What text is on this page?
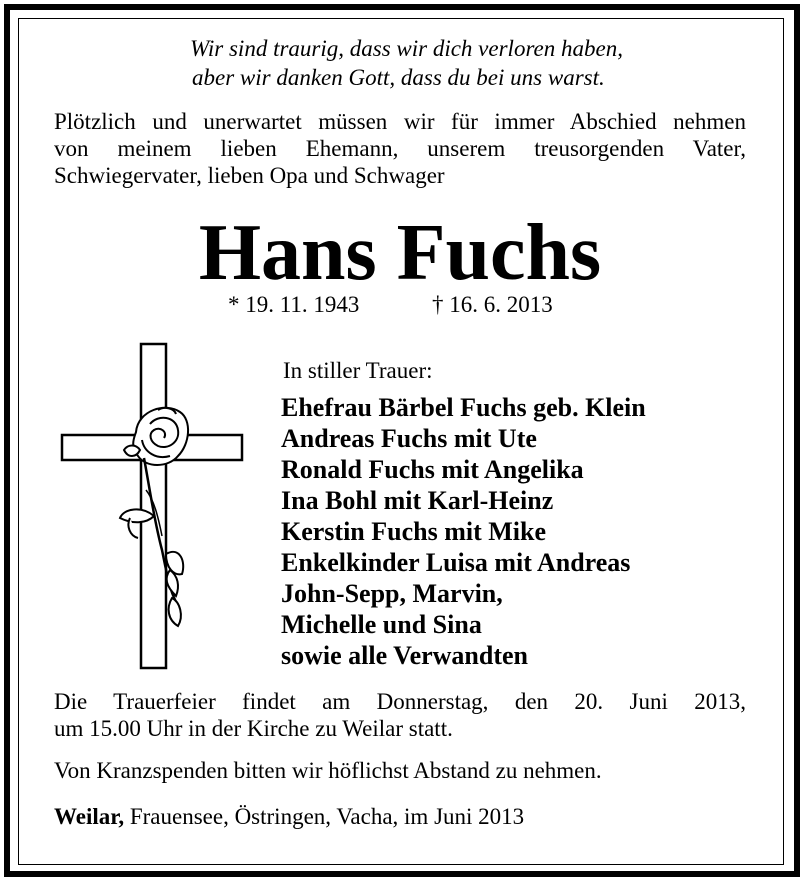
Wir sind traurig, dass wir dich verloren haben,
aber wir danken Gott, dass du bei uns warst.
Plötzlich und unerwartet müssen wir für immer Abschied nehmen
von meinem lieben Ehemann, unserem treusorgenden Vater,
Schwiegervater, lieben Opa und Schwager
Hans Fuchs
* 19. 11. 1943	† 16. 6. 2013
In stiller Trauer:
Ehefrau Bärbel Fuchs geb. Klein
Andreas Fuchs mit Ute
Ronald Fuchs mit Angelika
Ina Bohl mit Karl-Heinz
Kerstin Fuchs mit Mike
Enkelkinder Luisa mit Andreas
John-Sepp, Marvin,
Michelle und Sina
sowie alle Verwandten
Die Trauerfeier findet am Donnerstag, den 20. Juni 2013,
um 15.00 Uhr in der Kirche zu Weilar statt.
Von Kranzspenden bitten wir höflichst Abstand zu nehmen.
Weilar, Frauensee, Östringen, Vacha, im Juni 2013
